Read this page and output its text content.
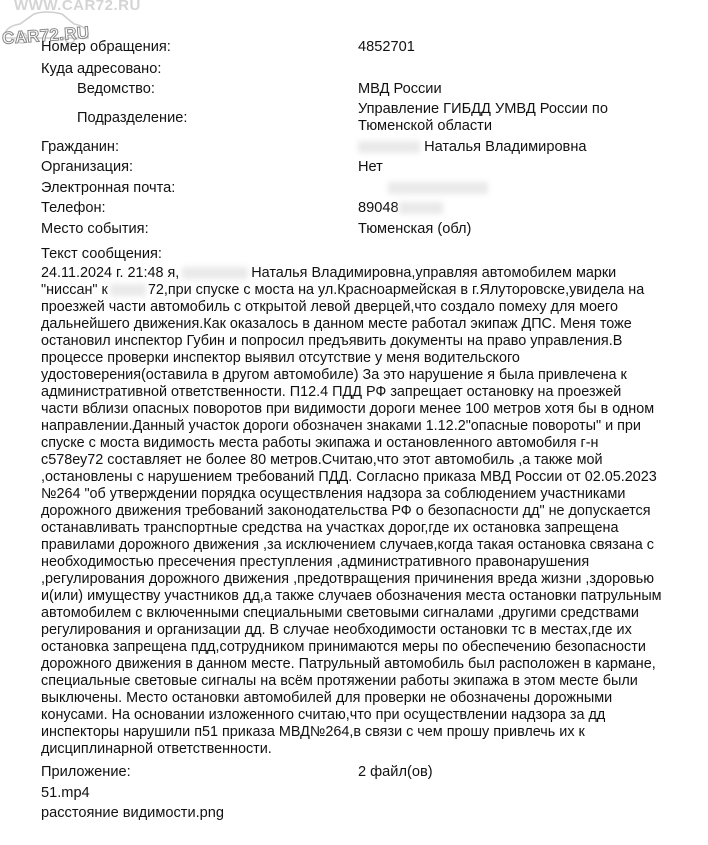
WWW.CAR72.RU
CAR72.RU
Номер обращения:	4852701
Куда адресовано:
Ведомство:	МВД России
Подразделение:
Управление ГИБДД УМВД России по
Тюменской области
Гражданин:	Наталья Владимировна
Организация:	Нет
Электронная почта:
Телефон:	89048
Место события:	Тюменская (обл)
Текст сообщения:
24.11.2024 г. 21:48 я,	Наталья Владимировна,управляя автомобилем марки
"ниссан" к	72,при спуске с моста на ул.Красноармейская в г.Ялуторовске,увидела на
проезжей части автомобиль с открытой левой дверцей,что создало помеху для моего
дальнейшего движения.Как оказалось в данном месте работал экипаж ДПС. Меня тоже
остановил инспектор Губин и попросил предъявить документы на право управления.В
процессе проверки инспектор выявил отсутствие у меня водительского
удостоверения(оставила в другом автомобиле) За это нарушение я была привлечена к
административной ответственности. П12.4 ПДД РФ запрещает остановку на проезжей
части вблизи опасных поворотов при видимости дороги менее 100 метров хотя бы в одном
направлении.Данный участок дороги обозначен знаками 1.12.2"опасные повороты" и при
спуске с моста видимость места работы экипажа и остановленного автомобиля г-н
с578еу72 составляет не более 80 метров.Считаю,что этот автомобиль ,а также мой
,остановлены с нарушением требований ПДД. Согласно приказа МВД России от 02.05.2023
№264 "об утверждении порядка осуществления надзора за соблюдением участниками
дорожного движения требований законодательства РФ о безопасности дд" не допускается
останавливать транспортные средства на участках дорог,где их остановка запрещена
правилами дорожного движения ,за исключением случаев,когда такая остановка связана с
необходимостью пресечения преступления ,административного правонарушения
,регулирования дорожного движения ,предотвращения причинения вреда жизни ,здоровью
и(или) имуществу участников дд,а также случаев обозначения места остановки патрульным
автомобилем с включенными специальными световыми сигналами ,другими средствами
регулирования и организации дд. В случае необходимости остановки тс в местах,где их
остановка запрещена пдд,сотрудником принимаются меры по обеспечению безопасности
дорожного движения в данном месте. Патрульный автомобиль был расположен в кармане,
специальные световые сигналы на всём протяжении работы экипажа в этом месте были
выключены. Место остановки автомобилей для проверки не обозначены дорожными
конусами. На основании изложенного считаю,что при осуществлении надзора за дд
инспекторы нарушили п51 приказа МВД№264,в связи с чем прошу привлечь их к
дисциплинарной ответственности.
Приложение:	2 файл(ов)
51.mp4
расстояние видимости.png
